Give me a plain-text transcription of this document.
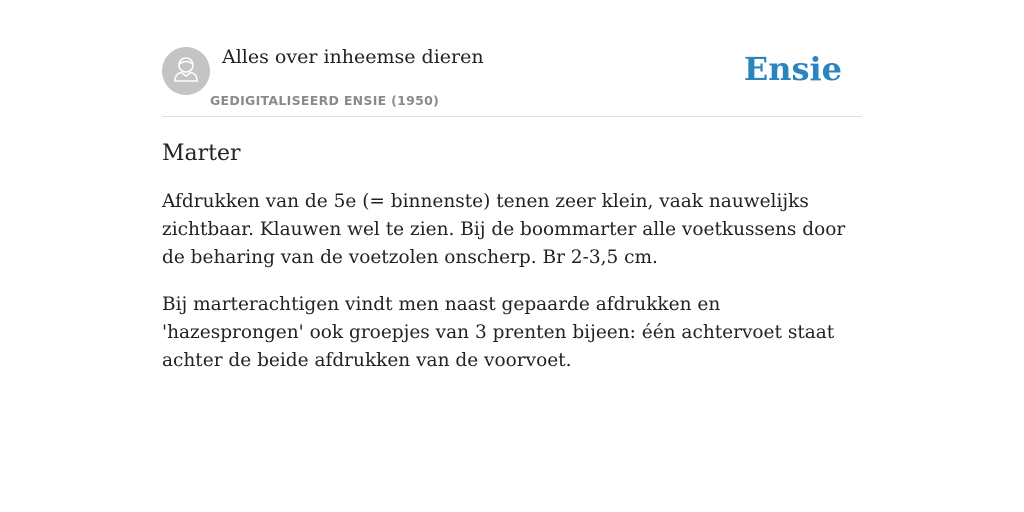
Alles over inheemse dieren
GEDIGITALISEERD ENSIE (1950)
Ensie
Marter

Afdrukken van de 5e (= binnenste) tenen zeer klein, vaak nauwelijks zichtbaar. Klauwen wel te zien. Bij de boommarter alle voetkussens door de beharing van de voetzolen onscherp. Br 2-3,5 cm.

Bij marterachtigen vindt men naast gepaarde afdrukken en 'hazesprongen' ook groepjes van 3 prenten bijeen: één achtervoet staat achter de beide afdrukken van de voorvoet.
